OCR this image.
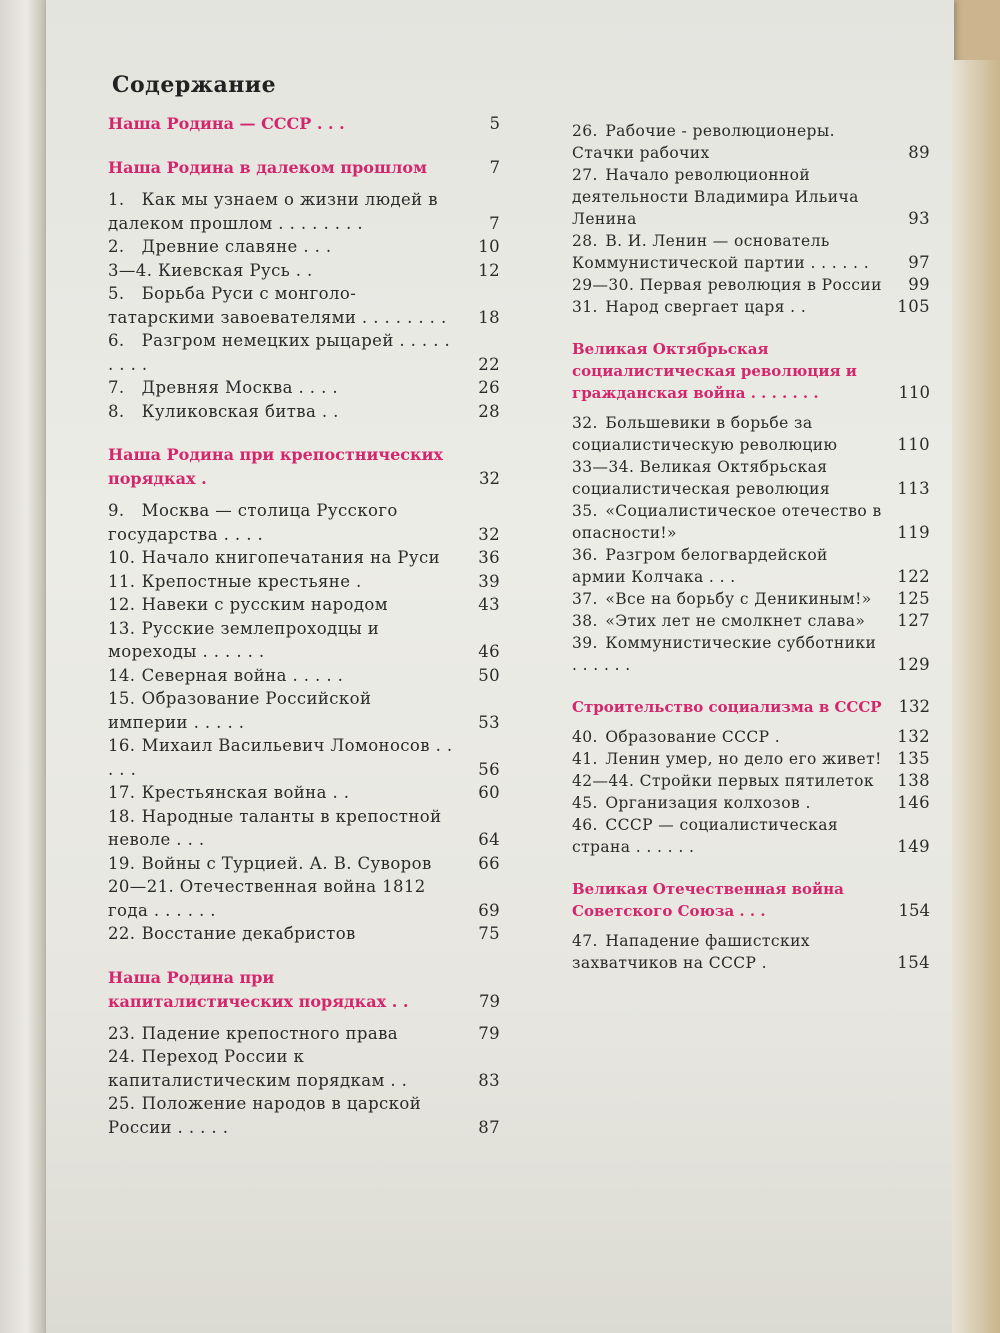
Содержание
Наша Родина — СССР . . .	5
Наша Родина в далеком прошлом	7
1. Как мы узнаем о жизни людей в далеком прошлом . . . . . . . .	7
2. Древние славяне . . .	10
3—4. Киевская Русь . .	12
5. Борьба Руси с монголо-татарскими завоевателями . . . . . . . .	18
6. Разгром немецких рыцарей . . . . . . . . .	22
7. Древняя Москва . . . .	26
8. Куликовская битва . .	28
Наша Родина при крепостнических порядках .	32
9. Москва — столица Русского государства . . . .	32
10. Начало книгопечатания на Руси	36
11. Крепостные крестьяне .	39
12. Навеки с русским народом	43
13. Русские землепроходцы и мореходы . . . . . .	46
14. Северная война . . . . .	50
15. Образование Российской империи . . . . .	53
16. Михаил Васильевич Ломоносов . . . . .	56
17. Крестьянская война . .	60
18. Народные таланты в крепостной неволе . . .	64
19. Войны с Турцией. А. В. Суворов	66
20—21. Отечественная война 1812 года . . . . . .	69
22. Восстание декабристов	75
Наша Родина при капиталистических порядках . .	79
23. Падение крепостного права	79
24. Переход России к капиталистическим порядкам . .	83
25. Положение народов в царской России . . . . .	87
26. Рабочие - революционеры. Стачки рабочих	89
27. Начало революционной деятельности Владимира Ильича Ленина	93
28. В. И. Ленин — основатель Коммунистической партии . . . . . .	97
29—30. Первая революция в России	99
31. Народ свергает царя . .	105
Великая Октябрьская социалистическая революция и гражданская война . . . . . . .	110
32. Большевики в борьбе за социалистическую революцию	110
33—34. Великая Октябрьская социалистическая революция	113
35. «Социалистическое отечество в опасности!»	119
36. Разгром белогвардейской армии Колчака . . .	122
37. «Все на борьбу с Деникиным!»	125
38. «Этих лет не смолкнет слава»	127
39. Коммунистические субботники . . . . . .	129
Строительство социализма в СССР	132
40. Образование СССР .	132
41. Ленин умер, но дело его живет! 135
42—44. Стройки первых пятилеток	138
45. Организация колхозов .	146
46. СССР — социалистическая страна . . . . . .	149
Великая Отечественная война Советского Союза . . .	154
47. Нападение фашистских захватчиков на СССР .	154
